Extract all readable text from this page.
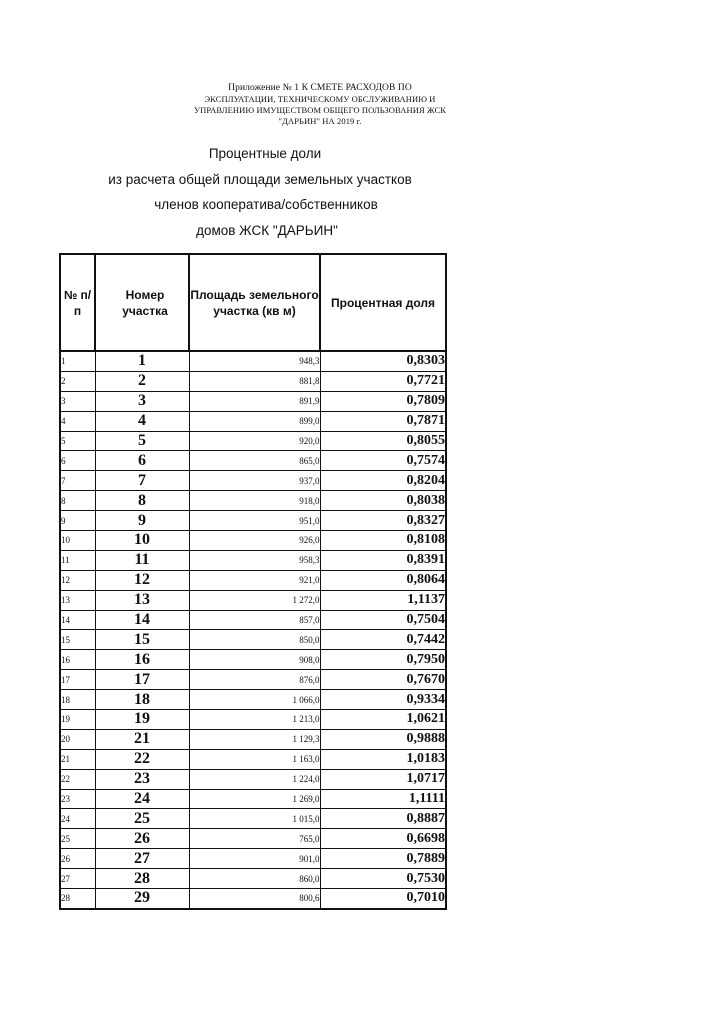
Приложение № 1 К СМЕТЕ РАСХОДОВ ПО
ЭКСПЛУАТАЦИИ, ТЕХНИЧЕСКОМУ ОБСЛУЖИВАНИЮ И
УПРАВЛЕНИЮ ИМУЩЕСТВОМ ОБЩЕГО ПОЛЬЗОВАНИЯ ЖСК
"ДАРЬИН" НА 2019 г.
Процентные доли
из расчета общей площади земельных участков
членов кооператива/собственников
домов ЖСК "ДАРЬИН"
№ п/п	Номер участка	Площадь земельного участка (кв м)	Процентная доля
1	1	948,3	0,8303
2	2	881,8	0,7721
3	3	891,9	0,7809
4	4	899,0	0,7871
5	5	920,0	0,8055
6	6	865,0	0,7574
7	7	937,0	0,8204
8	8	918,0	0,8038
9	9	951,0	0,8327
10	10	926,0	0,8108
11	11	958,3	0,8391
12	12	921,0	0,8064
13	13	1 272,0	1,1137
14	14	857,0	0,7504
15	15	850,0	0,7442
16	16	908,0	0,7950
17	17	876,0	0,7670
18	18	1 066,0	0,9334
19	19	1 213,0	1,0621
20	21	1 129,3	0,9888
21	22	1 163,0	1,0183
22	23	1 224,0	1,0717
23	24	1 269,0	1,1111
24	25	1 015,0	0,8887
25	26	765,0	0,6698
26	27	901,0	0,7889
27	28	860,0	0,7530
28	29	800,6	0,7010
